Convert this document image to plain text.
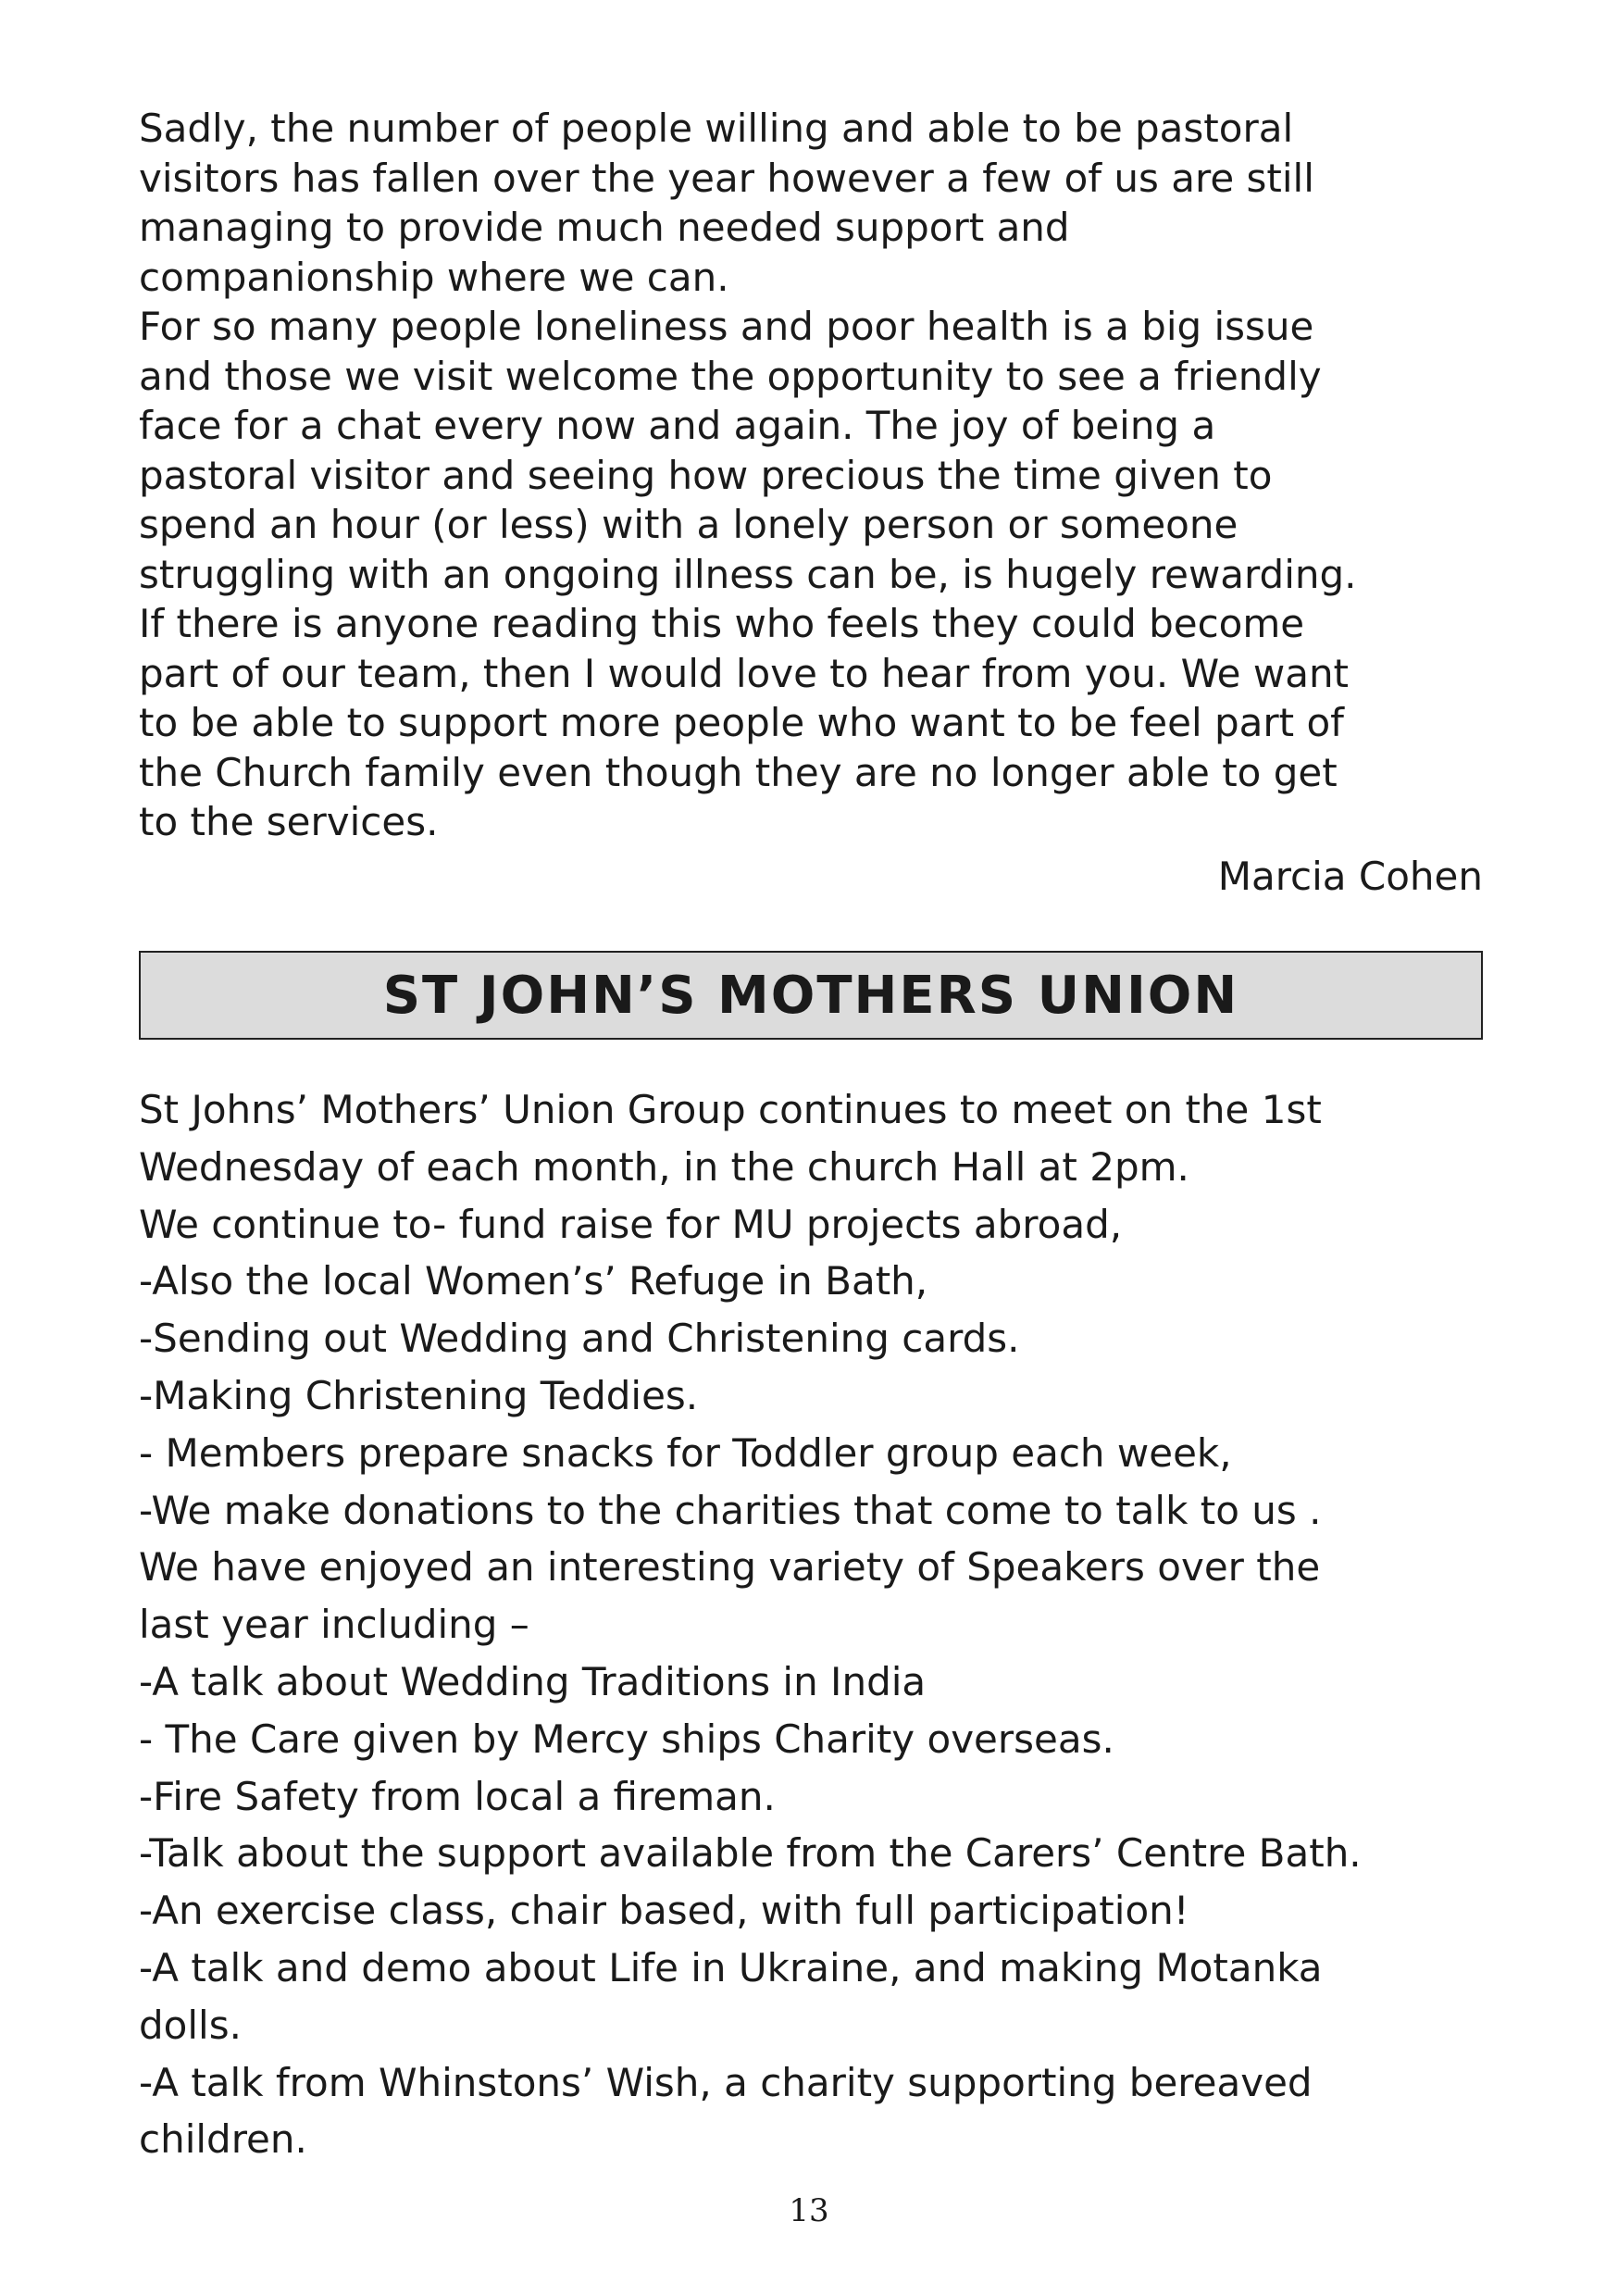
Sadly, the number of people willing and able to be pastoral
visitors has fallen over the year however a few of us are still
managing to provide much needed support and
companionship where we can.
For so many people loneliness and poor health is a big issue
and those we visit welcome the opportunity to see a friendly
face for a chat every now and again. The joy of being a
pastoral visitor and seeing how precious the time given to
spend an hour (or less) with a lonely person or someone
struggling with an ongoing illness can be, is hugely rewarding.
If there is anyone reading this who feels they could become
part of our team, then I would love to hear from you. We want
to be able to support more people who want to be feel part of
the Church family even though they are no longer able to get
to the services.
Marcia Cohen
ST JOHN’S MOTHERS UNION
St Johns’ Mothers’ Union Group continues to meet on the 1st
Wednesday of each month, in the church Hall at 2pm.
We continue to- fund raise for MU projects abroad,
-Also the local Women’s’ Refuge in Bath,
-Sending out Wedding and Christening cards.
-Making Christening Teddies.
- Members prepare snacks for Toddler group each week,
-We make donations to the charities that come to talk to us .
We have enjoyed an interesting variety of Speakers over the
last year including –
-A talk about Wedding Traditions in India
- The Care given by Mercy ships Charity overseas.
-Fire Safety from local a fireman.
-Talk about the support available from the Carers’ Centre Bath.
-An exercise class, chair based, with full participation!
-A talk and demo about Life in Ukraine, and making Motanka
dolls.
-A talk from Whinstons’ Wish, a charity supporting bereaved
children.
13
